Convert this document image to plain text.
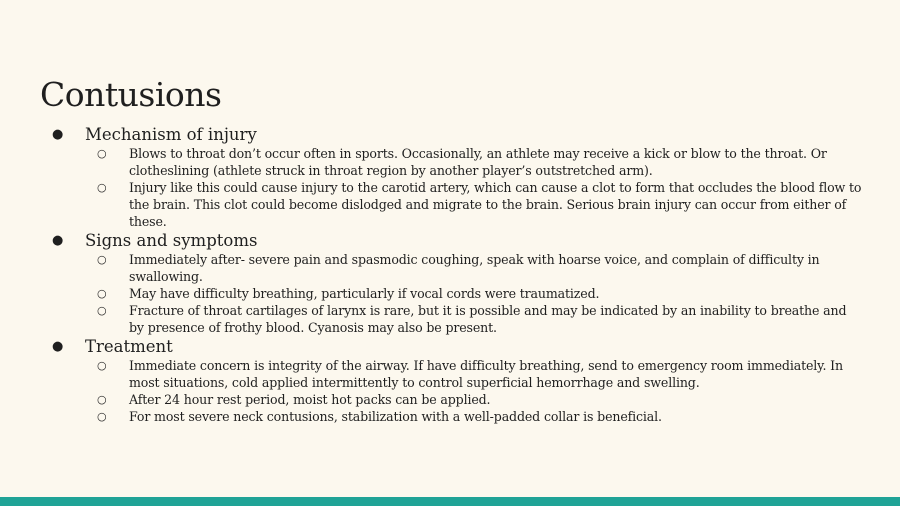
Contusions
● Mechanism of injury
○ Blows to throat don’t occur often in sports. Occasionally, an athlete may receive a kick or blow to the throat. Or clotheslining (athlete struck in throat region by another player’s outstretched arm).
○ Injury like this could cause injury to the carotid artery, which can cause a clot to form that occludes the blood flow to the brain. This clot could become dislodged and migrate to the brain. Serious brain injury can occur from either of these.
● Signs and symptoms
○ Immediately after- severe pain and spasmodic coughing, speak with hoarse voice, and complain of difficulty in swallowing.
○ May have difficulty breathing, particularly if vocal cords were traumatized.
○ Fracture of throat cartilages of larynx is rare, but it is possible and may be indicated by an inability to breathe and by presence of frothy blood. Cyanosis may also be present.
● Treatment
○ Immediate concern is integrity of the airway. If have difficulty breathing, send to emergency room immediately. In most situations, cold applied intermittently to control superficial hemorrhage and swelling.
○ After 24 hour rest period, moist hot packs can be applied.
○ For most severe neck contusions, stabilization with a well-padded collar is beneficial.
